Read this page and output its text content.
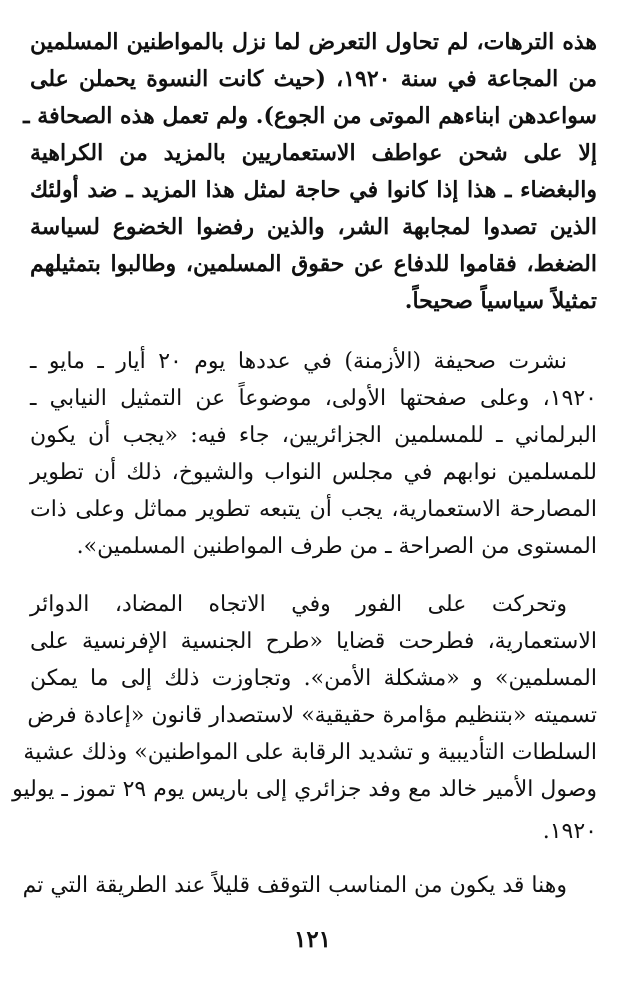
هذه الترهات، لم تحاول التعرض لما نزل بالمواطنين المسلمين
من المجاعة في سنة ١٩٢٠، (حيث كانت النسوة يحملن على
سواعدهن ابناءهم الموتى من الجوع). ولم تعمل هذه الصحافة ـ
إلا على شحن عواطف الاستعماريين بالمزيد من الكراهية
والبغضاء ـ هذا إذا كانوا في حاجة لمثل هذا المزيد ـ ضد أولئك
الذين تصدوا لمجابهة الشر، والذين رفضوا الخضوع لسياسة
الضغط، فقاموا للدفاع عن حقوق المسلمين، وطالبوا بتمثيلهم
تمثيلاً سياسياً صحيحاً.
نشرت صحيفة (الأزمنة) في عددها يوم ٢٠ أيار ـ مايو ـ
١٩٢٠، وعلى صفحتها الأولى، موضوعاً عن التمثيل النيابي ـ
البرلماني ـ للمسلمين الجزائريين، جاء فيه: «يجب أن يكون
للمسلمين نوابهم في مجلس النواب والشيوخ، ذلك أن تطوير
المصارحة الاستعمارية، يجب أن يتبعه تطوير مماثل وعلى ذات
المستوى من الصراحة ـ من طرف المواطنين المسلمين».
وتحركت على الفور وفي الاتجاه المضاد، الدوائر
الاستعمارية، فطرحت قضايا «طرح الجنسية الإفرنسية على
المسلمين» و «مشكلة الأمن». وتجاوزت ذلك إلى ما يمكن
تسميته «بتنظيم مؤامرة حقيقية» لاستصدار قانون «إعادة فرض
السلطات التأديبية و تشديد الرقابة على المواطنين» وذلك عشية
وصول الأمير خالد مع وفد جزائري إلى باريس يوم ٢٩ تموز ـ يوليو
١٩٢٠.
وهنا قد يكون من المناسب التوقف قليلاً عند الطريقة التي تم
١٢١
